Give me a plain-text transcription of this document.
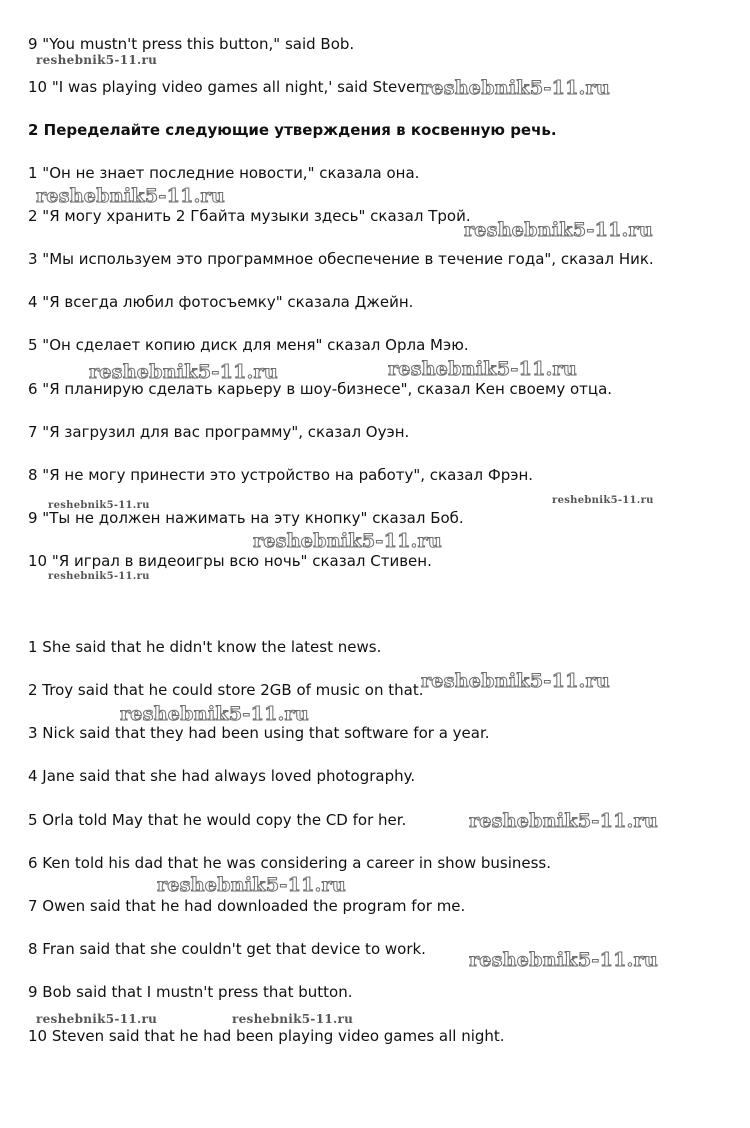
9 "You mustn't press this button," said Bob.
10 "I was playing video games all night,' said Steven
2 Переделайте следующие утверждения в косвенную речь.
1 "Он не знает последние новости," сказала она.
2 "Я могу хранить 2 Гбайта музыки здесь" сказал Трой.
3 "Мы используем это программное обеспечение в течение года", сказал Ник.
4 "Я всегда любил фотосъемку" сказала Джейн.
5 "Он сделает копию диск для меня" сказал Орла Мэю.
6 "Я планирую сделать карьеру в шоу-бизнесе", сказал Кен своему отца.
7 "Я загрузил для вас программу", сказал Оуэн.
8 "Я не могу принести это устройство на работу", сказал Фрэн.
9 "Ты не должен нажимать на эту кнопку" сказал Боб.
10 "Я играл в видеоигры всю ночь" сказал Стивен.
1 She said that he didn't know the latest news.
2 Troy said that he could store 2GB of music on that.
3 Nick said that they had been using that software for a year.
4 Jane said that she had always loved photography.
5 Orla told May that he would copy the CD for her.
6 Ken told his dad that he was considering a career in show business.
7 Owen said that he had downloaded the program for me.
8 Fran said that she couldn't get that device to work.
9 Bob said that I mustn't press that button.
10 Steven said that he had been playing video games all night.
reshebnik5-11.ru
reshebnik5-11.ru
reshebnik5-11.ru
reshebnik5-11.ru
reshebnik5-11.ru	reshebnik5-11.ru
reshebnik5-11.ru	reshebnik5-11.ru
reshebnik5-11.ru
reshebnik5-11.ru
reshebnik5-11.ru
reshebnik5-11.ru
reshebnik5-11.ru
reshebnik5-11.ru
reshebnik5-11.ru
reshebnik5-11.ru	reshebnik5-11.ru
